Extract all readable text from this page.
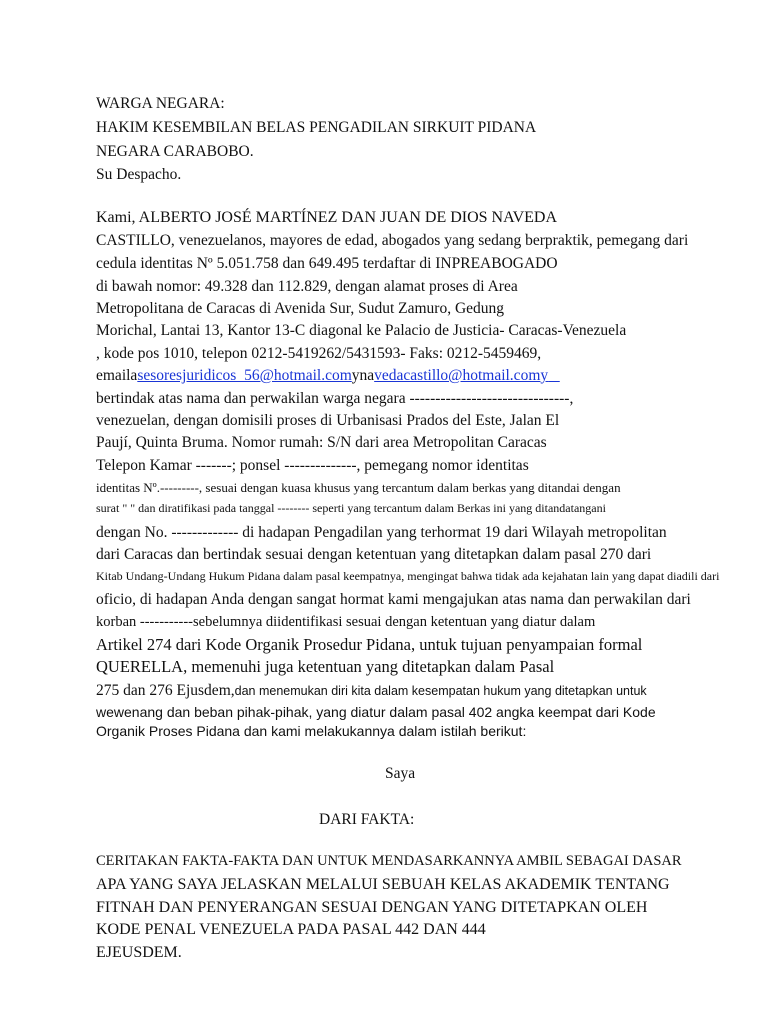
WARGA NEGARA:
HAKIM KESEMBILAN BELAS PENGADILAN SIRKUIT PIDANA
NEGARA CARABOBO.
Su Despacho.
Kami, ALBERTO JOSÉ MARTÍNEZ DAN JUAN DE DIOS NAVEDA
CASTILLO, venezuelanos, mayores de edad, abogados yang sedang berpraktik, pemegang dari
cedula identitas Nº 5.051.758 dan 649.495 terdaftar di INPREABOGADO
di bawah nomor: 49.328 dan 112.829, dengan alamat proses di Area
Metropolitana de Caracas di Avenida Sur, Sudut Zamuro, Gedung
Morichal, Lantai 13, Kantor 13-C diagonal ke Palacio de Justicia- Caracas-Venezuela
, kode pos 1010, telepon 0212-5419262/5431593- Faks: 0212-5459469,
emailasesoresjuridicos_56@hotmail.comynavedacastillo@hotmail.comy
bertindak atas nama dan perwakilan warga negara -------------------------------,
venezuelan, dengan domisili proses di Urbanisasi Prados del Este, Jalan El
Paují, Quinta Bruma. Nomor rumah: S/N dari area Metropolitan Caracas
Telepon Kamar -------; ponsel --------------, pemegang nomor identitas
identitas Nº.---------, sesuai dengan kuasa khusus yang tercantum dalam berkas yang ditandai dengan
surat " " dan diratifikasi pada tanggal -------- seperti yang tercantum dalam Berkas ini yang ditandatangani
dengan No. ------------- di hadapan Pengadilan yang terhormat 19 dari Wilayah metropolitan
dari Caracas dan bertindak sesuai dengan ketentuan yang ditetapkan dalam pasal 270 dari
Kitab Undang-Undang Hukum Pidana dalam pasal keempatnya, mengingat bahwa tidak ada kejahatan lain yang dapat diadili dari
oficio, di hadapan Anda dengan sangat hormat kami mengajukan atas nama dan perwakilan dari
korban -----------sebelumnya diidentifikasi sesuai dengan ketentuan yang diatur dalam
Artikel 274 dari Kode Organik Prosedur Pidana, untuk tujuan penyampaian formal
QUERELLA, memenuhi juga ketentuan yang ditetapkan dalam Pasal
275 dan 276 Ejusdem,dan menemukan diri kita dalam kesempatan hukum yang ditetapkan untuk
wewenang dan beban pihak-pihak, yang diatur dalam pasal 402 angka keempat dari Kode
Organik Proses Pidana dan kami melakukannya dalam istilah berikut:
Saya
DARI FAKTA:
CERITAKAN FAKTA-FAKTA DAN UNTUK MENDASARKANNYA AMBIL SEBAGAI DASAR
APA YANG SAYA JELASKAN MELALUI SEBUAH KELAS AKADEMIK TENTANG
FITNAH DAN PENYERANGAN SESUAI DENGAN YANG DITETAPKAN OLEH
KODE PENAL VENEZUELA PADA PASAL 442 DAN 444
EJEUSDEM.
